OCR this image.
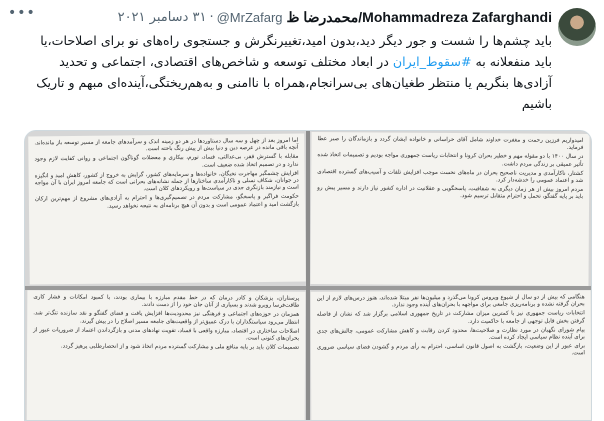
Mohammadreza Zafarghandi/محمدرضا ظ
@MrZafarg
·
۳۱ دسامبر ۲۰۲۱
•••
باید چشم‌ها را شست و جور دیگر دید،بدون امید،تغییرنگرش و جستجوی راه‌های نو برای اصلاحات،یا باید منفعلانه به #سقوط_ایران در ابعاد مختلف توسعه و شاخص‌های اقتصادی، اجتماعی و تحدید آزادی‌ها بنگریم یا منتظر طغیان‌های بی‌سرانجام،همراه با ناامنی و به‌هم‌ریختگی،آینده‌ای مبهم و تاریک باشیم

اما امروز بعد از چهل و سه سال دستاوردها در هر دو زمینه اندک و سرآمدهای جامعه از مسیر توسعه باز مانده‌اند. آنچه باقی مانده در عرصه دین و دنیا بیش از پیش رنگ باخته است.

مقابله با گسترش فقر، بی‌عدالتی، فساد، تورم، بیکاری و معضلات گوناگون اجتماعی و روانی کفایت لازم وجود ندارد و در تصمیم اتخاذ شده ضعیف است.

افزایش چشمگیر مهاجرت نخبگان، خانواده‌ها و سرمایه‌های کشور، گرایش به خروج از کشور، کاهش امید و انگیزه در جوانان، شکاف نسلی و ناکارآمدی ساختارها از جمله نشانه‌های بحرانی است که جامعه امروز ایران با آن مواجه است و نیازمند بازنگری جدی در سیاست‌ها و رویکردهای کلان است.

حکومت فراگیر و پاسخگو، مشارکت مردم در تصمیم‌گیری‌ها و احترام به آزادی‌های مشروع از مهم‌ترین ارکان بازگشت امید و اعتماد عمومی است و بدون آن هیچ برنامه‌ای به نتیجه نخواهد رسید.

امیدواریم فرزین رحمت و مغفرت خداوند شامل آقای خراسانی و خانواده ایشان گردد و بازماندگان را صبر عطا فرماید.

در سال ۱۴۰۰ با دو مقوله مهم و خطیر بحران کرونا و انتخابات ریاست جمهوری مواجه بودیم و تصمیمات اتخاذ شده تأثیر عمیقی بر زندگی مردم داشت.

کشتار، ناکارآمدی و مدیریت ناصحیح بحران در ماه‌های نخست موجب افزایش تلفات و آسیب‌های گسترده اقتصادی شد و اعتماد عمومی را خدشه‌دار کرد.

مردم امروز بیش از هر زمان دیگری به شفافیت، پاسخگویی و عقلانیت در اداره کشور نیاز دارند و مسیر پیش رو باید بر پایه گفتگو، تحمل و احترام متقابل ترسیم شود.

پرستاران، پزشکان و کادر درمان که در خط مقدم مبارزه با بیماری بودند، با کمبود امکانات و فشار کاری طاقت‌فرسا روبرو شدند و بسیاری از آنان جان خود را از دست دادند.

همزمان در حوزه‌های اجتماعی و فرهنگی نیز محدودیت‌ها افزایش یافت و فضای گفتگو و نقد سازنده تنگ‌تر شد. انتظار می‌رود سیاستگذاران با درک عمیق‌تر از واقعیت‌های جامعه مسیر اصلاح را در پیش گیرند.

اصلاحات ساختاری در اقتصاد، مبارزه واقعی با فساد، تقویت نهادهای مدنی و بازگرداندن اعتماد از ضروریات عبور از بحران‌های کنونی است.

تصمیمات کلان باید بر پایه منافع ملی و مشارکت گسترده مردم اتخاذ شود و از انحصارطلبی پرهیز گردد.

هنگامی که بیش از دو سال از شیوع ویروس کرونا می‌گذرد و میلیون‌ها نفر مبتلا شده‌اند، هنوز درس‌های لازم از این بحران گرفته نشده و برنامه‌ریزی جامعی برای مواجهه با بحران‌های آینده وجود ندارد.

انتخابات ریاست جمهوری نیز با کمترین میزان مشارکت در تاریخ جمهوری اسلامی برگزار شد که نشان از فاصله گرفتن بخش قابل توجهی از جامعه با حاکمیت دارد.

پیام شورای نگهبان در مورد نظارت و صلاحیت‌ها، محدود کردن رقابت و کاهش مشارکت عمومی، چالش‌های جدی برای آینده نظام سیاسی ایجاد کرده است.

برای عبور از این وضعیت، بازگشت به اصول قانون اساسی، احترام به رأی مردم و گشودن فضای سیاسی ضروری است.
